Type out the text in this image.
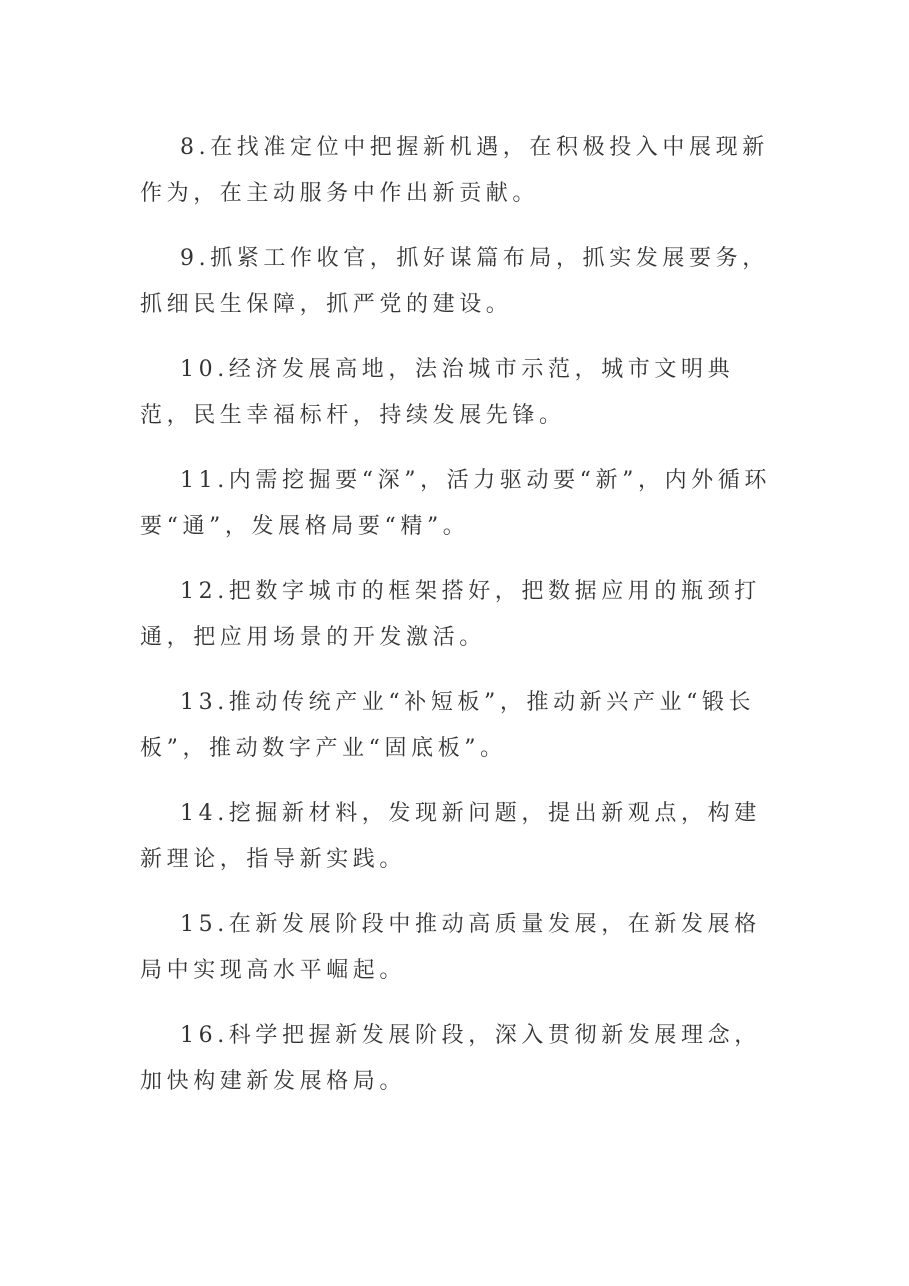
8.在找准定位中把握新机遇，在积极投入中展现新作为，在主动服务中作出新贡献。

9.抓紧工作收官，抓好谋篇布局，抓实发展要务，抓细民生保障，抓严党的建设。

10.经济发展高地，法治城市示范，城市文明典范，民生幸福标杆，持续发展先锋。

11.内需挖掘要“深”，活力驱动要“新”，内外循环要“通”，发展格局要“精”。

12.把数字城市的框架搭好，把数据应用的瓶颈打通，把应用场景的开发激活。

13.推动传统产业“补短板”，推动新兴产业“锻长板”，推动数字产业“固底板”。

14.挖掘新材料，发现新问题，提出新观点，构建新理论，指导新实践。

15.在新发展阶段中推动高质量发展，在新发展格局中实现高水平崛起。

16.科学把握新发展阶段，深入贯彻新发展理念，加快构建新发展格局。
